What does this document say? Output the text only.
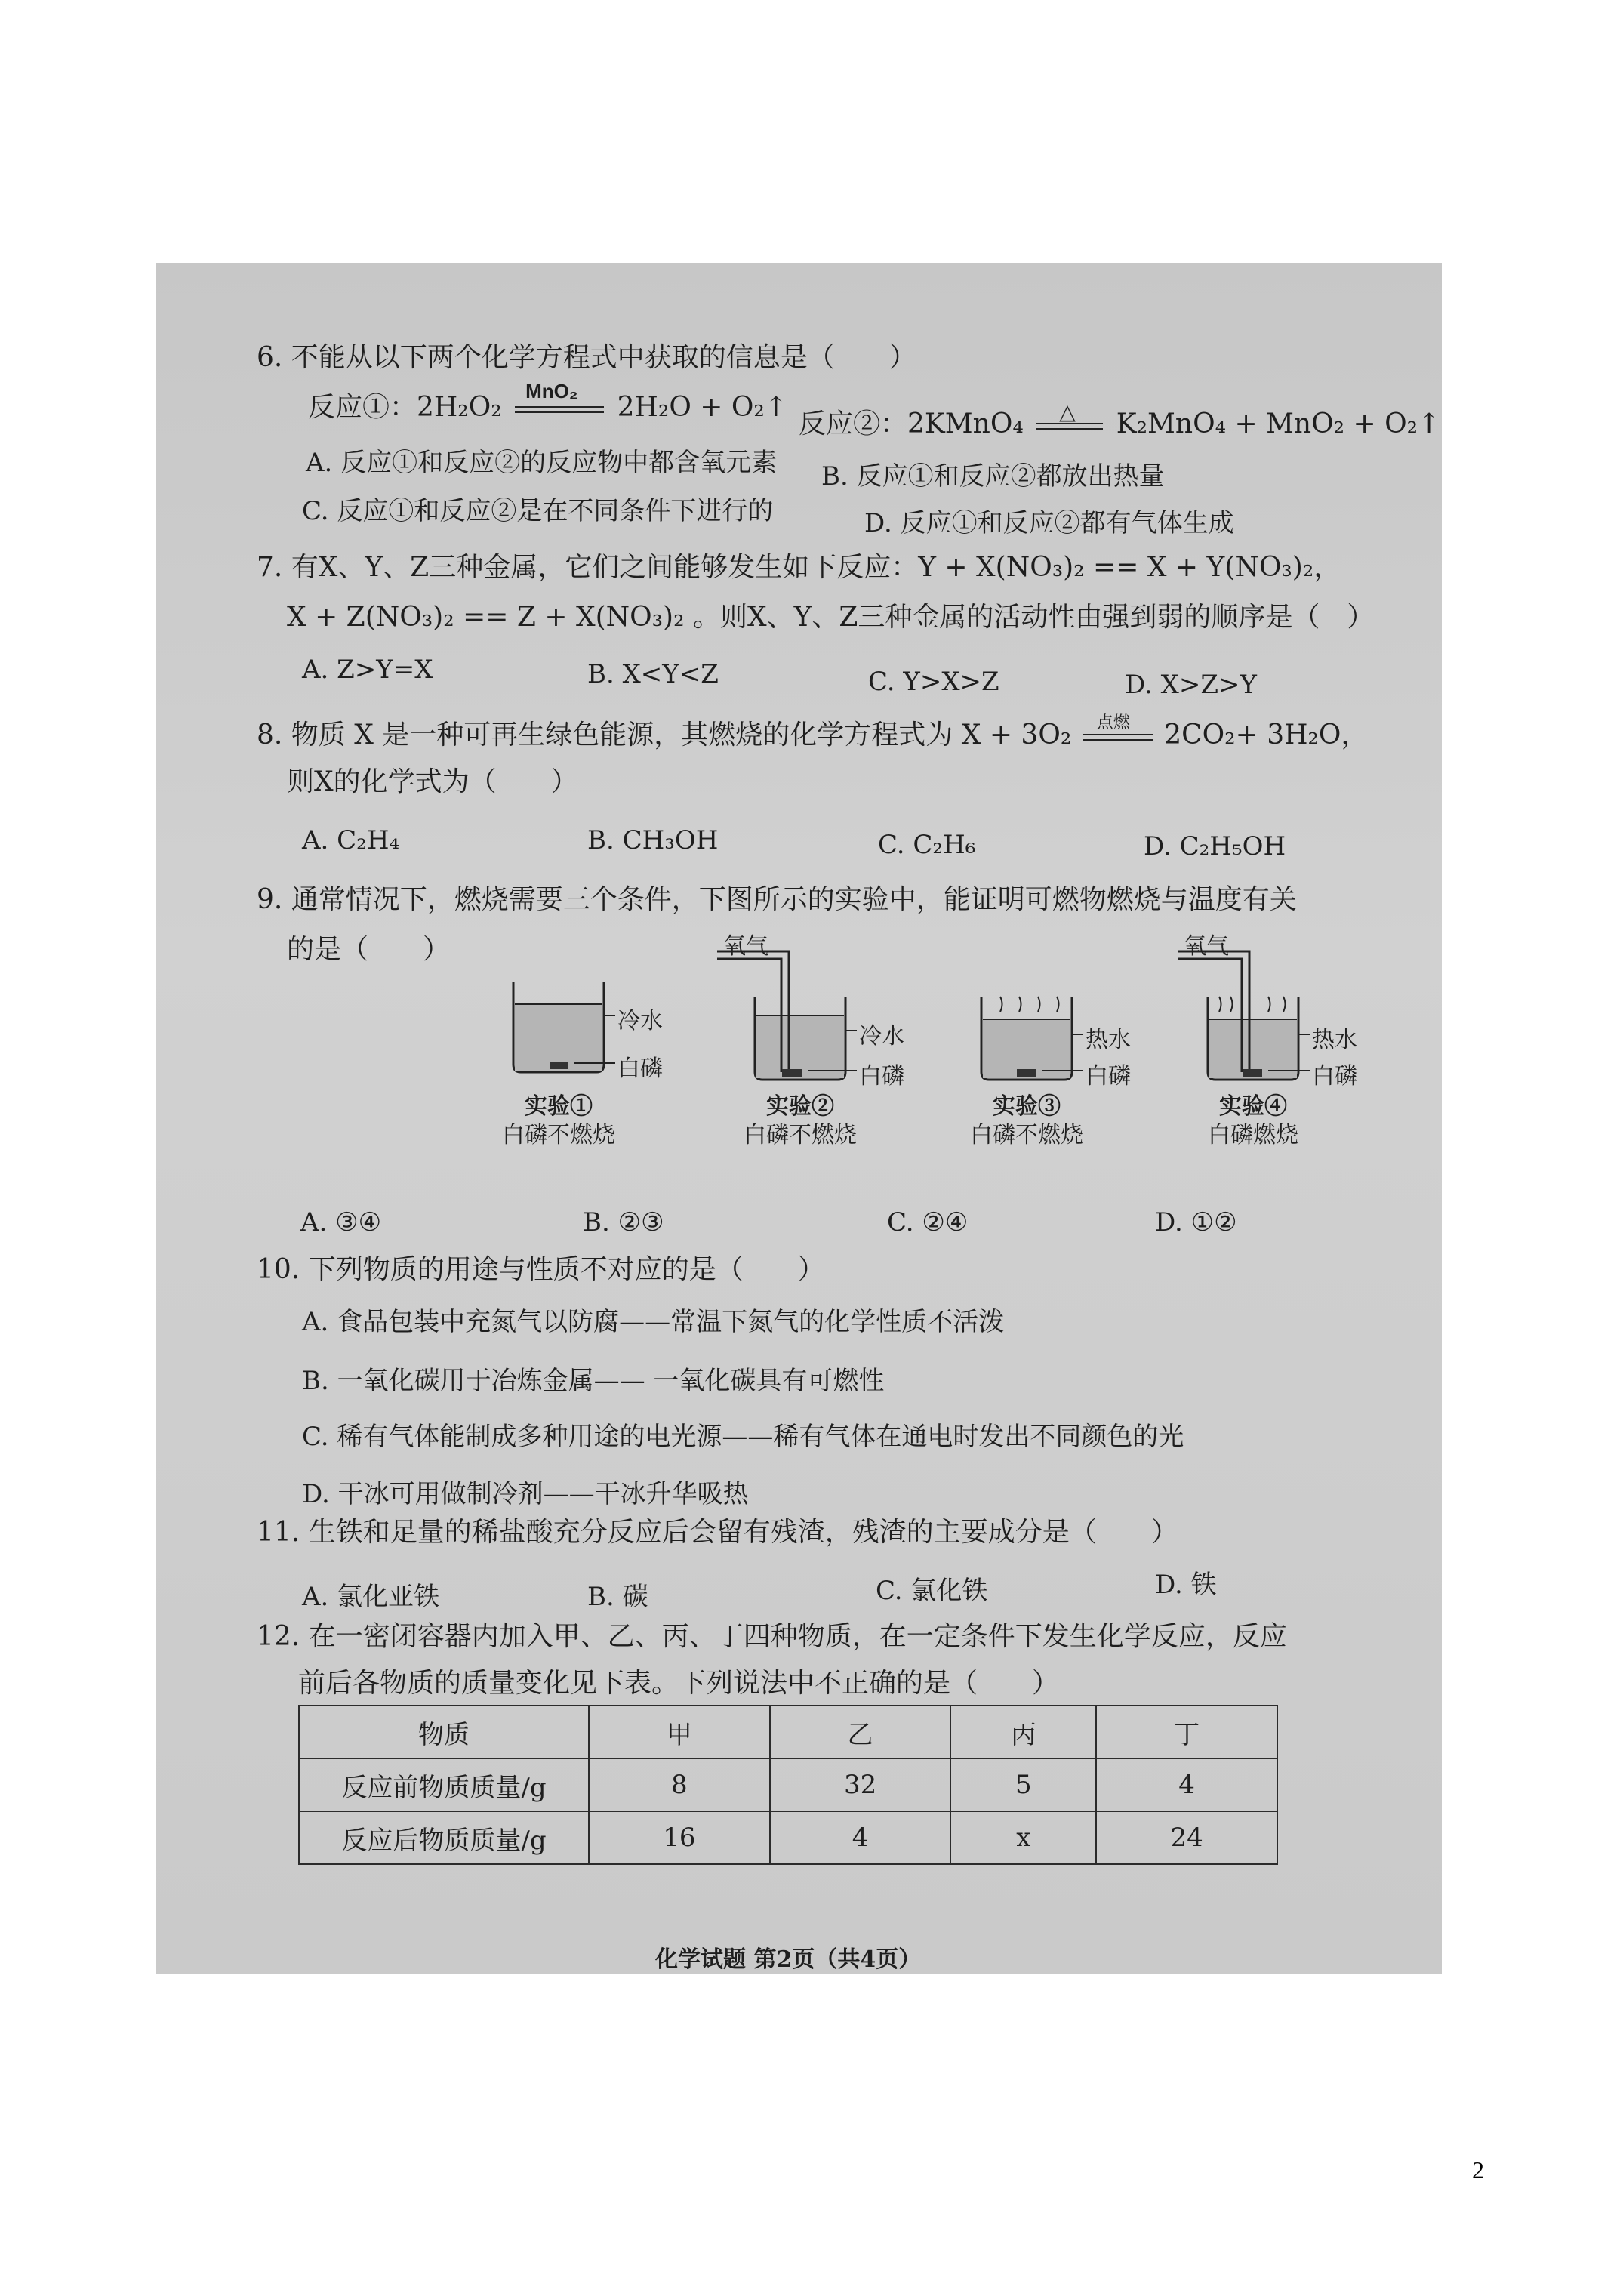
6. 不能从以下两个化学方程式中获取的信息是（　　）
反应①：2H₂O₂
MnO₂
2H₂O + O₂↑
反应②：2KMnO₄ △ K₂MnO₄ + MnO₂ + O₂↑
A. 反应①和反应②的反应物中都含氧元素 B. 反应①和反应②都放出热量
C. 反应①和反应②是在不同条件下进行的	D. 反应①和反应②都有气体生成
7. 有X、Y、Z三种金属，它们之间能够发生如下反应：Y + X(NO₃)₂ == X + Y(NO₃)₂，
X + Z(NO₃)₂ == Z + X(NO₃)₂ 。则X、Y、Z三种金属的活动性由强到弱的顺序是（　）
A. Z>Y=X	B. X<Y<Z	C. Y>X>Z	D. X>Z>Y
8. 物质 X 是一种可再生绿色能源，其燃烧的化学方程式为 X + 3O₂ 点燃 2CO₂+ 3H₂O，
则X的化学式为（　　）
A. C₂H₄	B. CH₃OH	C. C₂H₆	D. C₂H₅OH
9. 通常情况下，燃烧需要三个条件，下图所示的实验中，能证明可燃物燃烧与温度有关
的是（　　）	氧气	氧气
冷水
白磷
冷水
白磷
热水
白磷
热水
白磷
实验①
白磷不燃烧
实验②
白磷不燃烧
实验③
白磷不燃烧
实验④
白磷燃烧
A. ③④	B. ②③	C. ②④	D. ①②
10. 下列物质的用途与性质不对应的是（　　）
A. 食品包装中充氮气以防腐——常温下氮气的化学性质不活泼
B. 一氧化碳用于冶炼金属—— 一氧化碳具有可燃性
C. 稀有气体能制成多种用途的电光源——稀有气体在通电时发出不同颜色的光
D. 干冰可用做制冷剂——干冰升华吸热
11. 生铁和足量的稀盐酸充分反应后会留有残渣，残渣的主要成分是（　　）
A. 氯化亚铁	B. 碳	C. 氯化铁	D. 铁
12. 在一密闭容器内加入甲、乙、丙、丁四种物质，在一定条件下发生化学反应，反应
前后各物质的质量变化见下表。下列说法中不正确的是（　　）
物质	甲	乙	丙	丁
反应前物质质量/g	8	32	5	4
反应后物质质量/g	16	4	x	24
化学试题 第2页（共4页）
2
